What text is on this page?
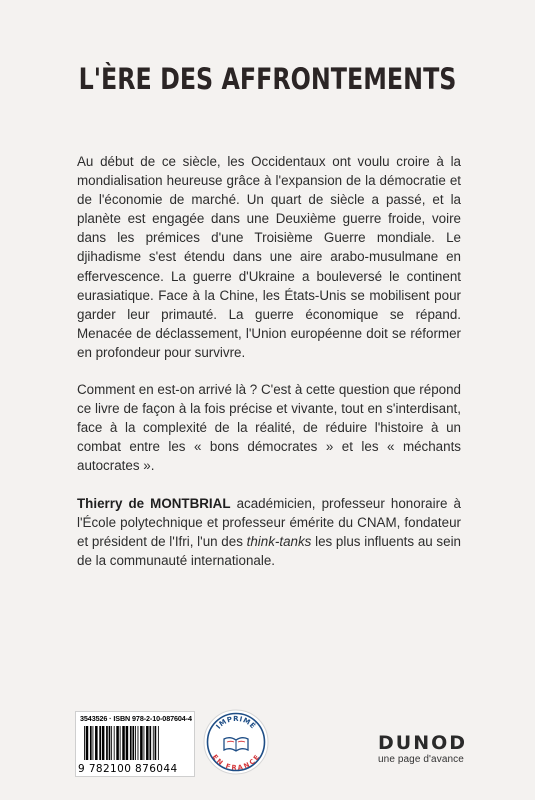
L'ÈRE DES AFFRONTEMENTS

Au début de ce siècle, les Occidentaux ont voulu croire à la mondialisation heureuse grâce à l'expansion de la démocratie et de l'économie de marché. Un quart de siècle a passé, et la planète est engagée dans une Deuxième guerre froide, voire dans les prémices d'une Troisième Guerre mondiale. Le djihadisme s'est étendu dans une aire arabo-musulmane en effervescence. La guerre d'Ukraine a bouleversé le continent eurasiatique. Face à la Chine, les États-Unis se mobilisent pour garder leur primauté. La guerre économique se répand. Menacée de déclassement, l'Union européenne doit se réformer en profondeur pour survivre.

Comment en est-on arrivé là ? C'est à cette question que répond ce livre de façon à la fois précise et vivante, tout en s'interdisant, face à la complexité de la réalité, de réduire l'histoire à un combat entre les « bons démocrates » et les « méchants autocrates ».

Thierry de MONTBRIAL académicien, professeur honoraire à l'École polytechnique et professeur émérite du CNAM, fondateur et président de l'Ifri, l'un des think-tanks les plus influents au sein de la communauté internationale.

3543526 · ISBN 978-2-10-087604-4
9 782100 876044
IMPRIMÉ
EN FRANCE
DUNOD
une page d'avance
